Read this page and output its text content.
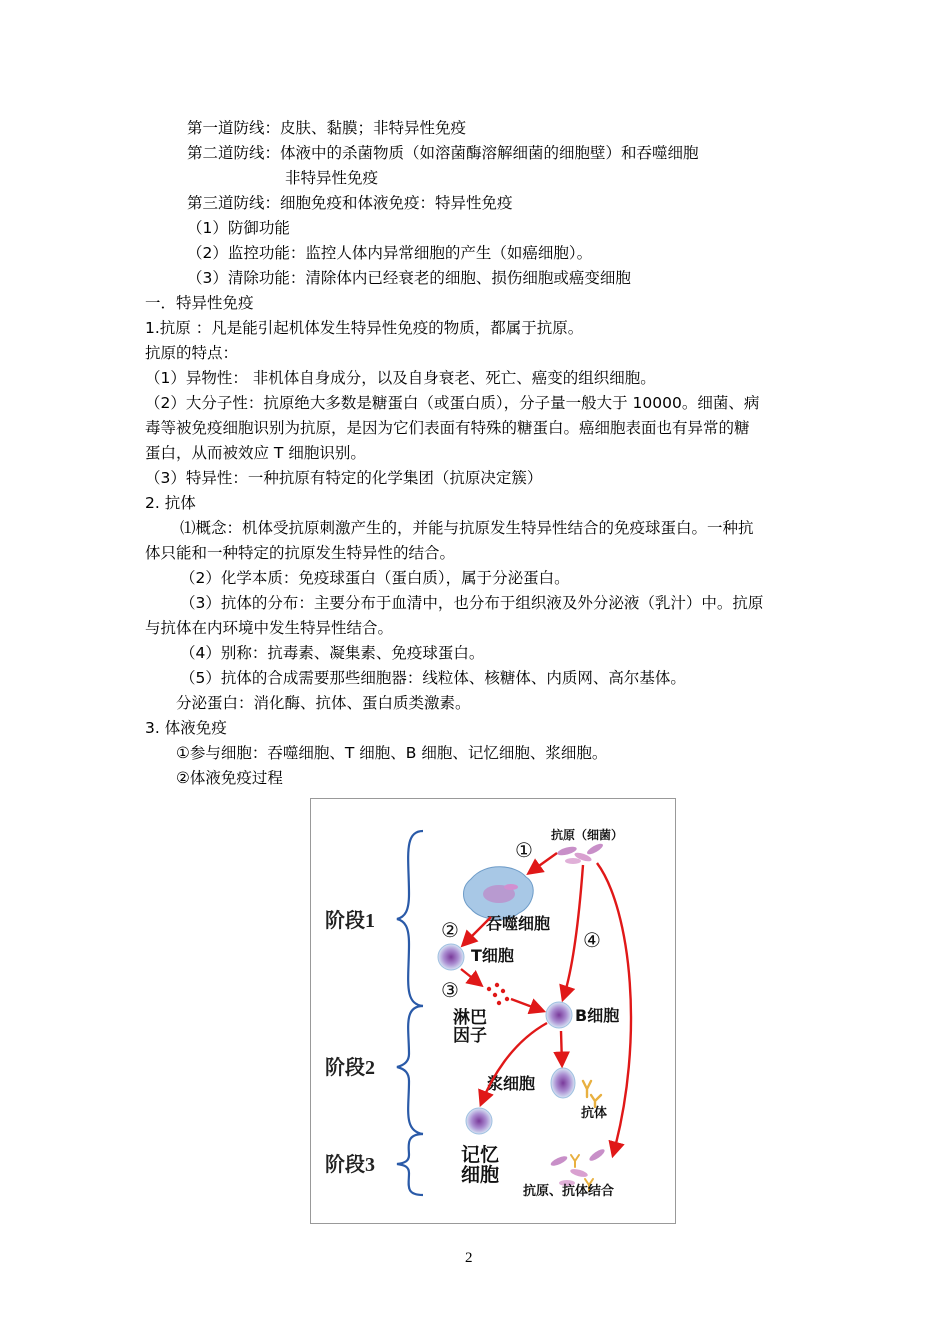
第一道防线：皮肤、黏膜；非特异性免疫
第二道防线：体液中的杀菌物质（如溶菌酶溶解细菌的细胞壁）和吞噬细胞
非特异性免疫
第三道防线：细胞免疫和体液免疫：特异性免疫
（1）防御功能
（2）监控功能：监控人体内异常细胞的产生（如癌细胞）。
（3）清除功能：清除体内已经衰老的细胞、损伤细胞或癌变细胞
一．特异性免疫
1.抗原 ：凡是能引起机体发生特异性免疫的物质，都属于抗原。
抗原的特点：
（1）异物性： 非机体自身成分，以及自身衰老、死亡、癌变的组织细胞。
（2）大分子性：抗原绝大多数是糖蛋白（或蛋白质），分子量一般大于 10000。细菌、病
毒等被免疫细胞识别为抗原，是因为它们表面有特殊的糖蛋白。癌细胞表面也有异常的糖
蛋白，从而被效应 T 细胞识别。
（3）特异性：一种抗原有特定的化学集团（抗原决定簇）
2. 抗体
⑴概念：机体受抗原刺激产生的，并能与抗原发生特异性结合的免疫球蛋白。一种抗
体只能和一种特定的抗原发生特异性的结合。
（2）化学本质：免疫球蛋白（蛋白质），属于分泌蛋白。
（3）抗体的分布：主要分布于血清中，也分布于组织液及外分泌液（乳汁）中。抗原
与抗体在内环境中发生特异性结合。
（4）别称：抗毒素、凝集素、免疫球蛋白。
（5）抗体的合成需要那些细胞器：线粒体、核糖体、内质网、高尔基体。
分泌蛋白：消化酶、抗体、蛋白质类激素。
3. 体液免疫
①参与细胞：吞噬细胞、T 细胞、B 细胞、记忆细胞、浆细胞。
②体液免疫过程
阶段1
阶段2
阶段3
抗原（细菌）
吞噬细胞
T细胞
淋巴
因子
B细胞
浆细胞
抗体
记忆
细胞
抗原、抗体结合
①
②
③
④
2
